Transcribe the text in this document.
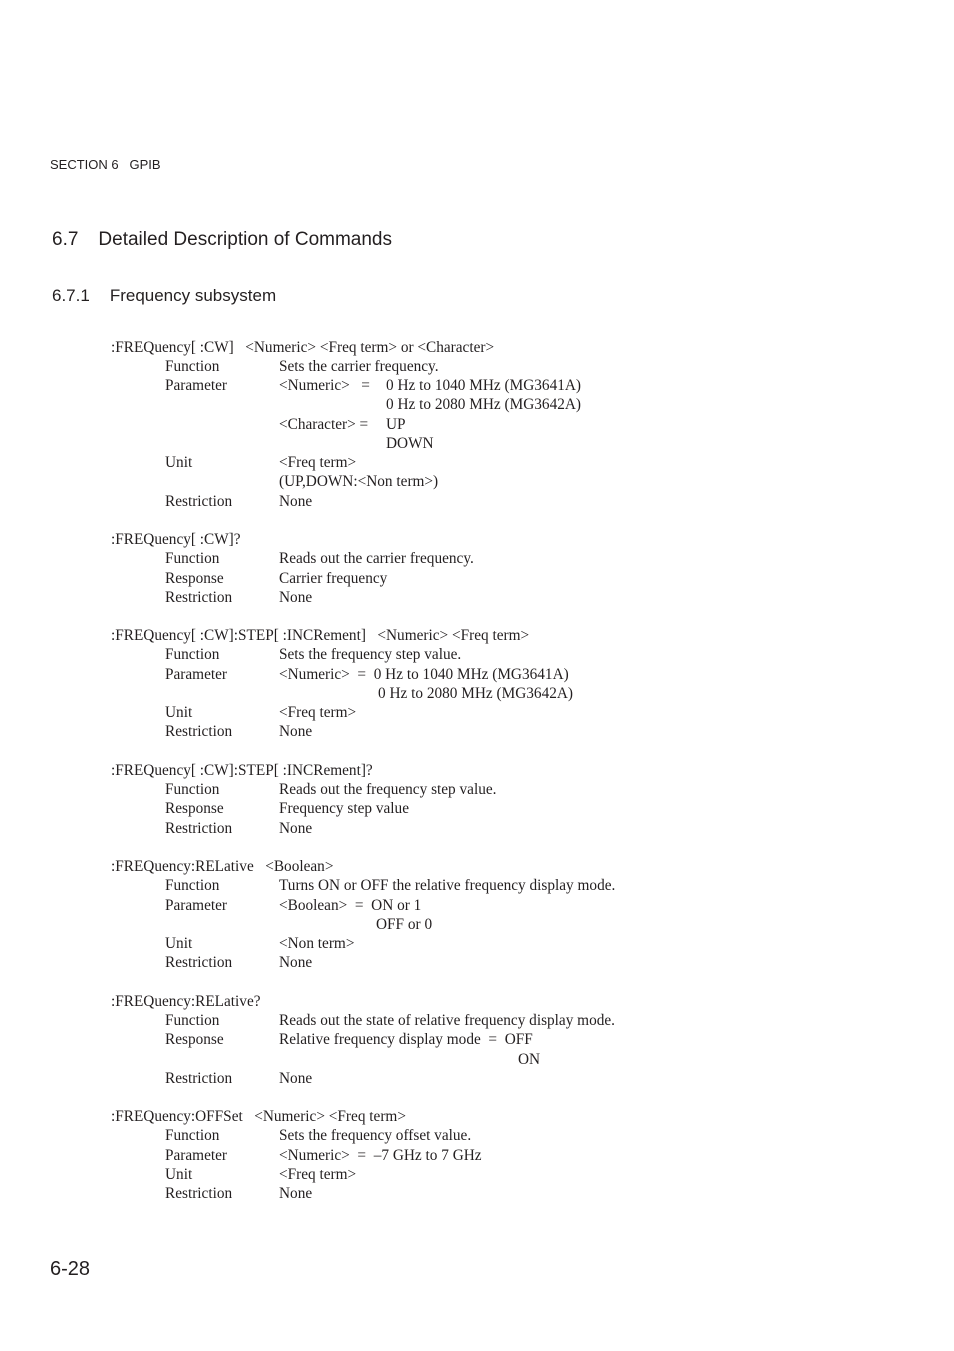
SECTION 6   GPIB
6.7 Detailed Description of Commands
6.7.1 Frequency subsystem
:FREQuency[ :CW]   <Numeric> <Freq term> or <Character>
Function	Sets the carrier frequency.
Parameter	<Numeric>   = 0 Hz to 1040 MHz (MG3641A)
0 Hz to 2080 MHz (MG3642A)
<Character> = UP
DOWN
Unit	<Freq term>
(UP,DOWN:<Non term>)
Restriction	None
:FREQuency[ :CW]?
Function	Reads out the carrier frequency.
Response	Carrier frequency
Restriction	None
:FREQuency[ :CW]:STEP[ :INCRement]   <Numeric> <Freq term>
Function	Sets the frequency step value.
Parameter	<Numeric>  =  0 Hz to 1040 MHz (MG3641A)
0 Hz to 2080 MHz (MG3642A)
Unit	<Freq term>
Restriction	None
:FREQuency[ :CW]:STEP[ :INCRement]?
Function	Reads out the frequency step value.
Response	Frequency step value
Restriction	None
:FREQuency:RELative   <Boolean>
Function	Turns ON or OFF the relative frequency display mode.
Parameter	<Boolean>  =  ON or 1
OFF or 0
Unit	<Non term>
Restriction	None
:FREQuency:RELative?
Function	Reads out the state of relative frequency display mode.
Response	Relative frequency display mode  =  OFF
ON
Restriction	None
:FREQuency:OFFSet   <Numeric> <Freq term>
Function	Sets the frequency offset value.
Parameter	<Numeric>  =  –7 GHz to 7 GHz
Unit	<Freq term>
Restriction	None
6-28
